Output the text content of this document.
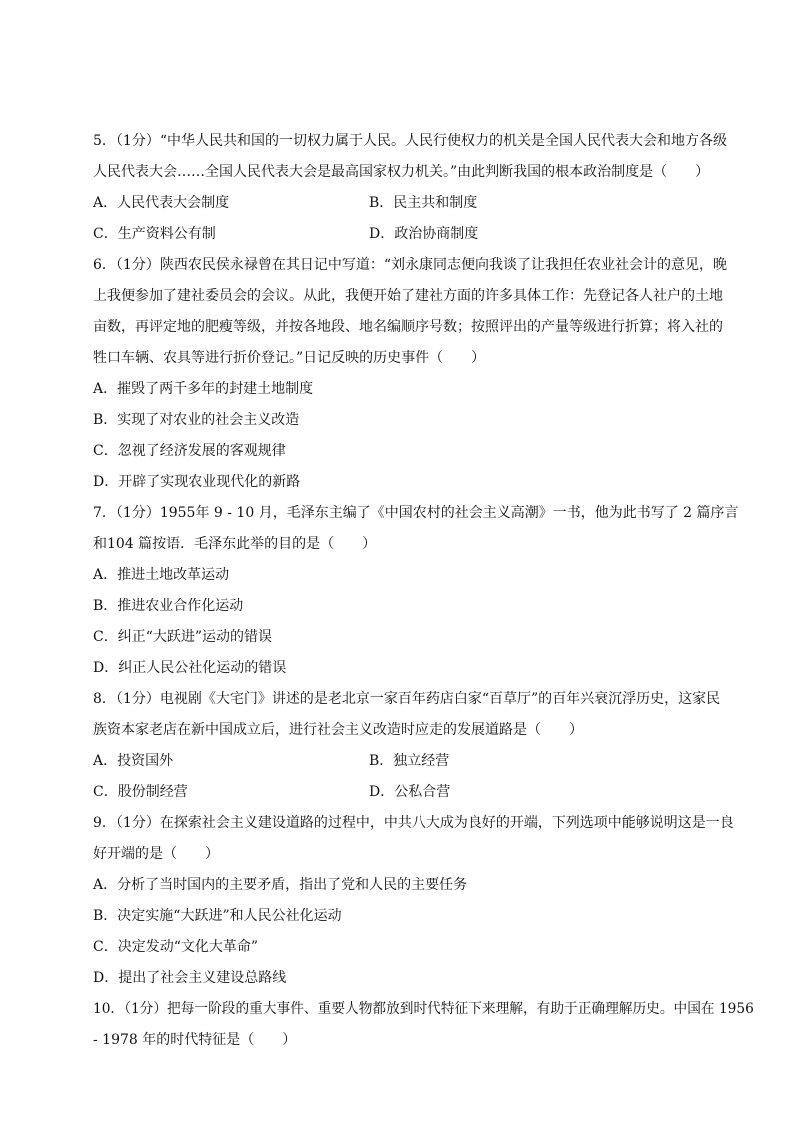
5．（1分）“中华人民共和国的一切权力属于人民。人民行使权力的机关是全国人民代表大会和地方各级
人民代表大会……全国人民代表大会是最高国家权力机关。”由此判断我国的根本政治制度是（　　）
A．人民代表大会制度	B．民主共和制度
C．生产资料公有制	D．政治协商制度
6．（1分）陕西农民侯永禄曾在其日记中写道：“刘永康同志便向我谈了让我担任农业社会计的意见，晚
上我便参加了建社委员会的会议。从此，我便开始了建社方面的许多具体工作：先登记各人社户的土地
亩数，再评定地的肥瘦等级，并按各地段、地名编顺序号数；按照评出的产量等级进行折算；将入社的
牲口车辆、农具等进行折价登记。”日记反映的历史事件（　　）
A．摧毁了两千多年的封建土地制度
B．实现了对农业的社会主义改造
C．忽视了经济发展的客观规律
D．开辟了实现农业现代化的新路
7．（1分）1955年 9 - 10 月，毛泽东主编了《中国农村的社会主义高潮》一书，他为此书写了 2 篇序言
和104 篇按语．毛泽东此举的目的是（　　）
A．推进土地改革运动
B．推进农业合作化运动
C．纠正“大跃进”运动的错误
D．纠正人民公社化运动的错误
8．（1分）电视剧《大宅门》讲述的是老北京一家百年药店白家“百草厅”的百年兴衰沉浮历史，这家民
族资本家老店在新中国成立后，进行社会主义改造时应走的发展道路是（　　）
A．投资国外	B．独立经营
C．股份制经营	D．公私合营
9．（1分）在探索社会主义建设道路的过程中，中共八大成为良好的开端，下列选项中能够说明这是一良
好开端的是（　　）
A．分析了当时国内的主要矛盾，指出了党和人民的主要任务
B．决定实施“大跃进”和人民公社化运动
C．决定发动“文化大革命”
D．提出了社会主义建设总路线
10．（1分）把每一阶段的重大事件、重要人物都放到时代特征下来理解，有助于正确理解历史。中国在 1956
- 1978 年的时代特征是（　　）
